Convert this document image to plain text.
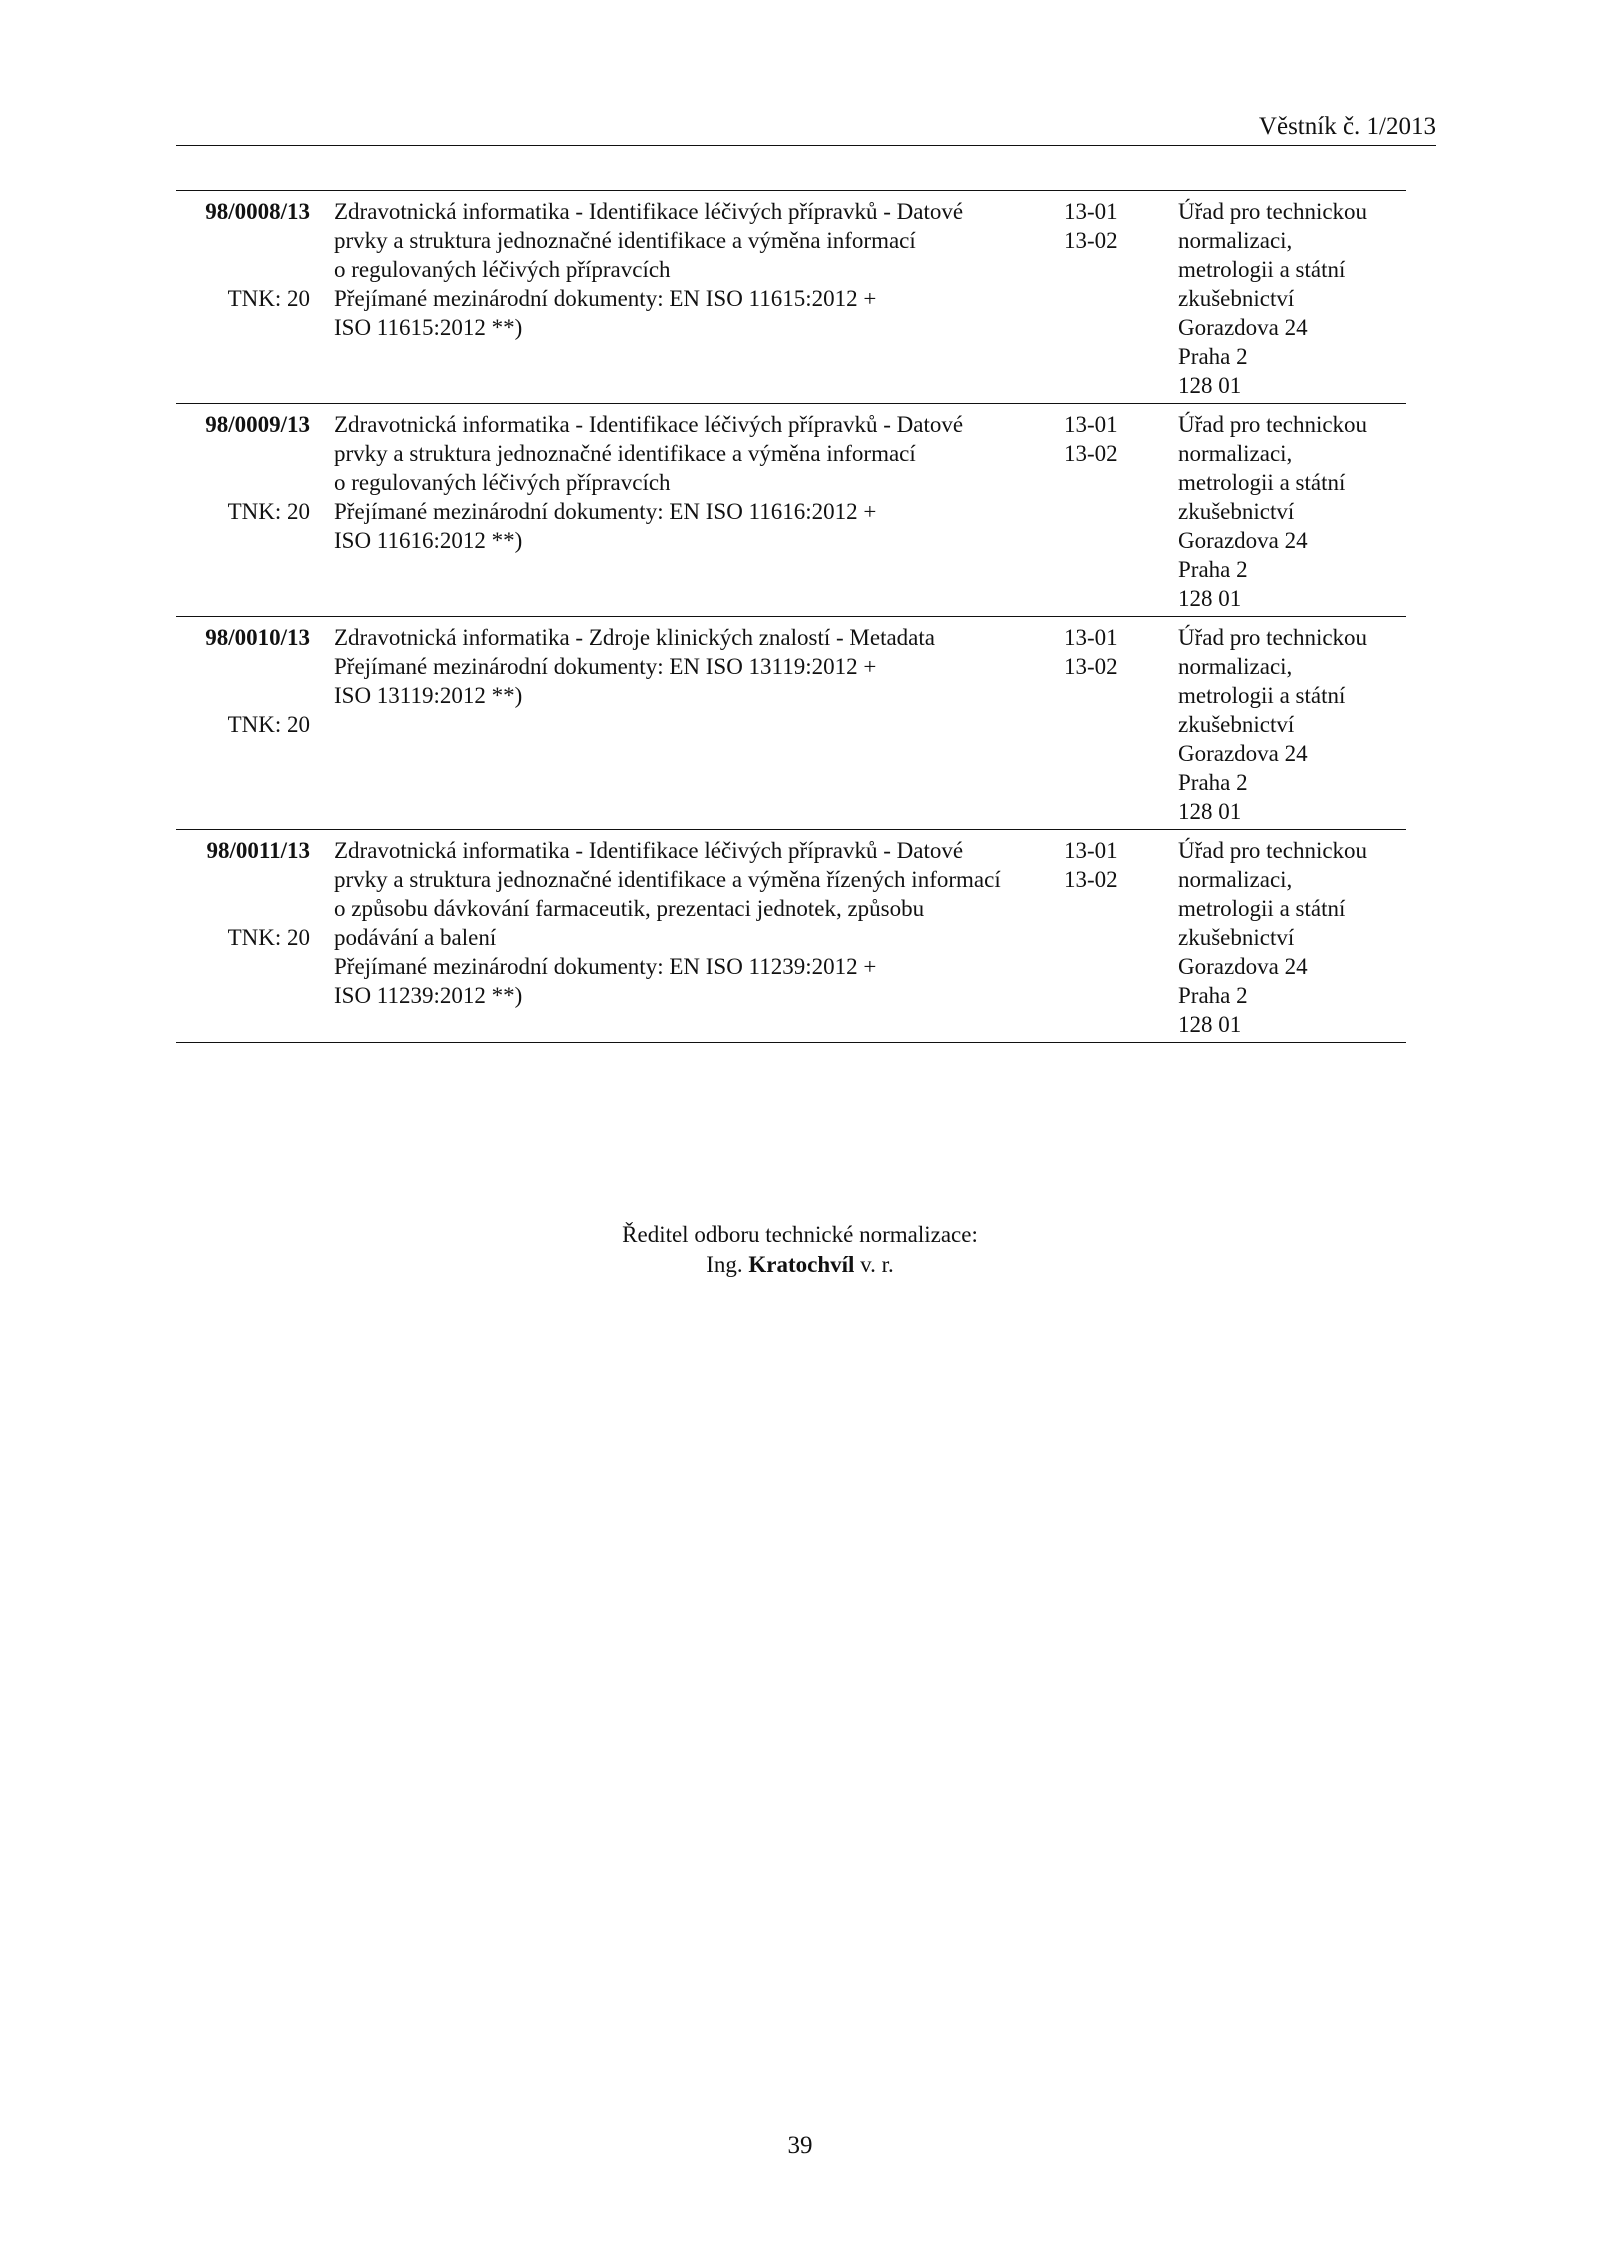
Věstník č. 1/2013
98/0008/13
TNK: 20
Zdravotnická informatika - Identifikace léčivých přípravků - Datové
prvky a struktura jednoznačné identifikace a výměna informací
o regulovaných léčivých přípravcích
Přejímané mezinárodní dokumenty: EN ISO 11615:2012 +
ISO 11615:2012 **)
13-01
13-02
Úřad pro technickou
normalizaci,
metrologii a státní
zkušebnictví
Gorazdova 24
Praha 2
128 01
98/0009/13
TNK: 20
Zdravotnická informatika - Identifikace léčivých přípravků - Datové
prvky a struktura jednoznačné identifikace a výměna informací
o regulovaných léčivých přípravcích
Přejímané mezinárodní dokumenty: EN ISO 11616:2012 +
ISO 11616:2012 **)
13-01
13-02
Úřad pro technickou
normalizaci,
metrologii a státní
zkušebnictví
Gorazdova 24
Praha 2
128 01
98/0010/13
TNK: 20
Zdravotnická informatika - Zdroje klinických znalostí - Metadata
Přejímané mezinárodní dokumenty: EN ISO 13119:2012 +
ISO 13119:2012 **)
13-01
13-02
Úřad pro technickou
normalizaci,
metrologii a státní
zkušebnictví
Gorazdova 24
Praha 2
128 01
98/0011/13
TNK: 20
Zdravotnická informatika - Identifikace léčivých přípravků - Datové
prvky a struktura jednoznačné identifikace a výměna řízených informací
o způsobu dávkování farmaceutik, prezentaci jednotek, způsobu
podávání a balení
Přejímané mezinárodní dokumenty: EN ISO 11239:2012 +
ISO 11239:2012 **)
13-01
13-02
Úřad pro technickou
normalizaci,
metrologii a státní
zkušebnictví
Gorazdova 24
Praha 2
128 01
Ředitel odboru technické normalizace:
Ing. Kratochvíl v. r.
39
